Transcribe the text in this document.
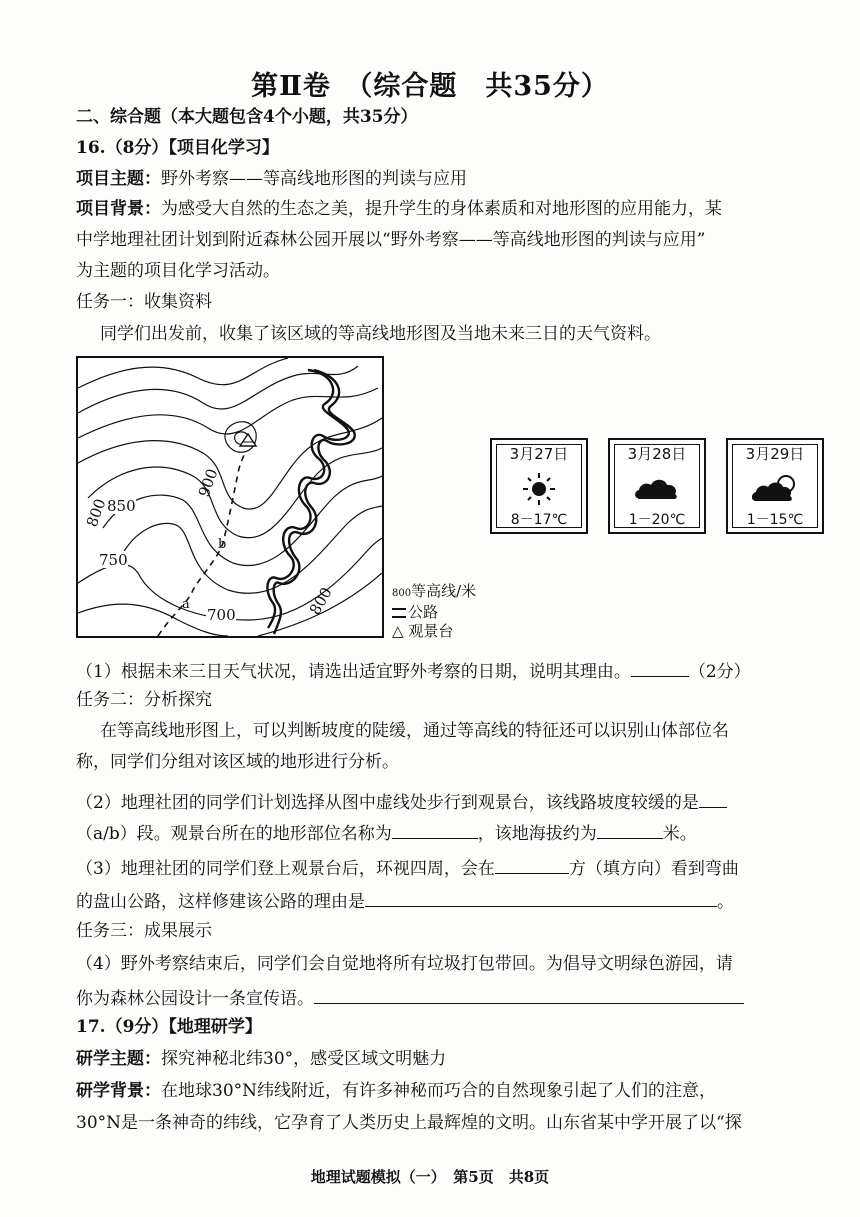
第Ⅱ卷　（综合题　共35分）
二、综合题（本大题包含4个小题，共35分）
16.（8分）【项目化学习】
项目主题：野外考察——等高线地形图的判读与应用
项目背景：为感受大自然的生态之美，提升学生的身体素质和对地形图的应用能力，某
中学地理社团计划到附近森林公园开展以“野外考察——等高线地形图的判读与应用”
为主题的项目化学习活动。
任务一：收集资料
同学们出发前，收集了该区域的等高线地形图及当地未来三日的天气资料。
850
800
900
750
700	800
a
b
800等高线/米
公路
△ 观景台
3月27日
8－17℃
3月28日
1－20℃
3月29日
1－15℃
（1）根据未来三日天气状况，请选出适宜野外考察的日期，说明其理由。	（2分）
任务二：分析探究
在等高线地形图上，可以判断坡度的陡缓，通过等高线的特征还可以识别山体部位名
称，同学们分组对该区域的地形进行分析。
（2）地理社团的同学们计划选择从图中虚线处步行到观景台，该线路坡度较缓的是
（a/b）段。观景台所在的地形部位名称为	，该地海拔约为	米。
（3）地理社团的同学们登上观景台后，环视四周，会在	方（填方向）看到弯曲
的盘山公路，这样修建该公路的理由是	。
任务三：成果展示
（4）野外考察结束后，同学们会自觉地将所有垃圾打包带回。为倡导文明绿色游园，请
你为森林公园设计一条宣传语。
17.（9分）【地理研学】
研学主题：探究神秘北纬30°，感受区域文明魅力
研学背景：在地球30°N纬线附近，有许多神秘而巧合的自然现象引起了人们的注意，
30°N是一条神奇的纬线，它孕育了人类历史上最辉煌的文明。山东省某中学开展了以“探
地理试题模拟（一）　第5页　共8页
